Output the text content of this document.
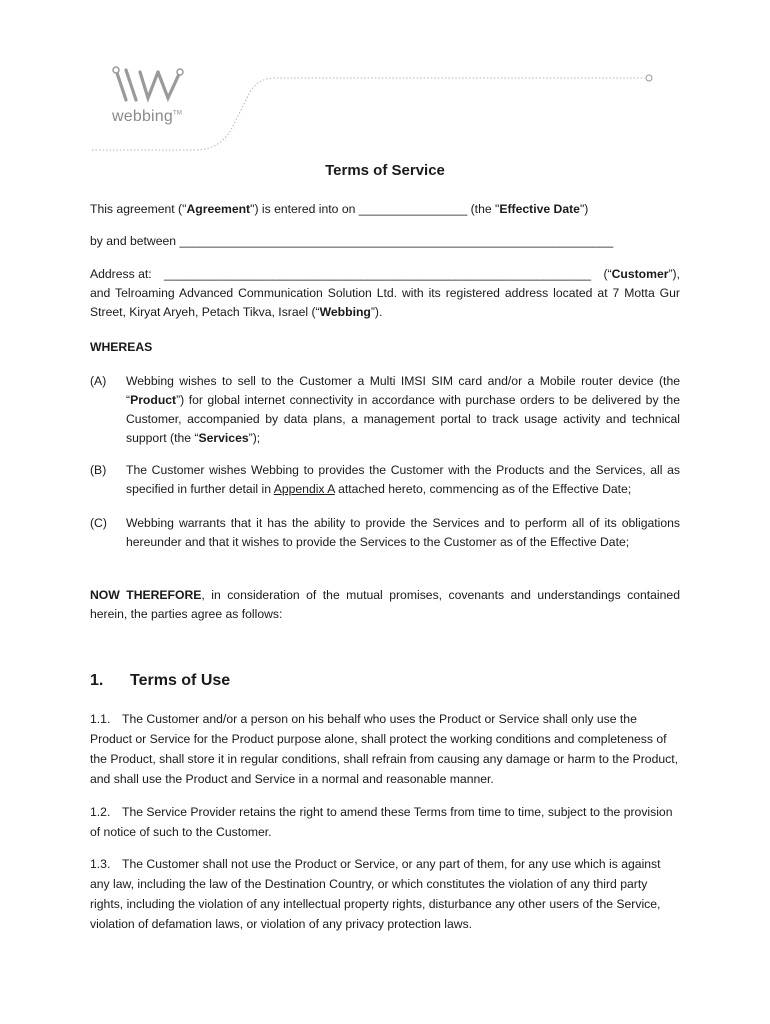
webbing™
Terms of Service

This agreement ("Agreement") is entered into on ________________ (the "Effective Date")

by and between ________________________________________________________________

Address at: _______________________________________________________________ (“Customer”),

and Telroaming Advanced Communication Solution Ltd. with its registered address located at 7 Motta Gur Street, Kiryat Aryeh, Petach Tikva, Israel (“Webbing”).

WHEREAS
(A) Webbing wishes to sell to the Customer a Multi IMSI SIM card and/or a Mobile router device (the “Product”) for global internet connectivity in accordance with purchase orders to be delivered by the Customer, accompanied by data plans, a management portal to track usage activity and technical support (the “Services”);

(B) The Customer wishes Webbing to provides the Customer with the Products and the Services, all as specified in further detail in Appendix A attached hereto, commencing as of the Effective Date;

(C) Webbing warrants that it has the ability to provide the Services and to perform all of its obligations hereunder and that it wishes to provide the Services to the Customer as of the Effective Date;

NOW THEREFORE, in consideration of the mutual promises, covenants and understandings contained herein, the parties agree as follows:

1. Terms of Use

1.1. The Customer and/or a person on his behalf who uses the Product or Service shall only use the Product or Service for the Product purpose alone, shall protect the working conditions and completeness of the Product, shall store it in regular conditions, shall refrain from causing any damage or harm to the Product, and shall use the Product and Service in a normal and reasonable manner.

1.2. The Service Provider retains the right to amend these Terms from time to time, subject to the provision of notice of such to the Customer.

1.3. The Customer shall not use the Product or Service, or any part of them, for any use which is against any law, including the law of the Destination Country, or which constitutes the violation of any third party rights, including the violation of any intellectual property rights, disturbance any other users of the Service, violation of defamation laws, or violation of any privacy protection laws.
